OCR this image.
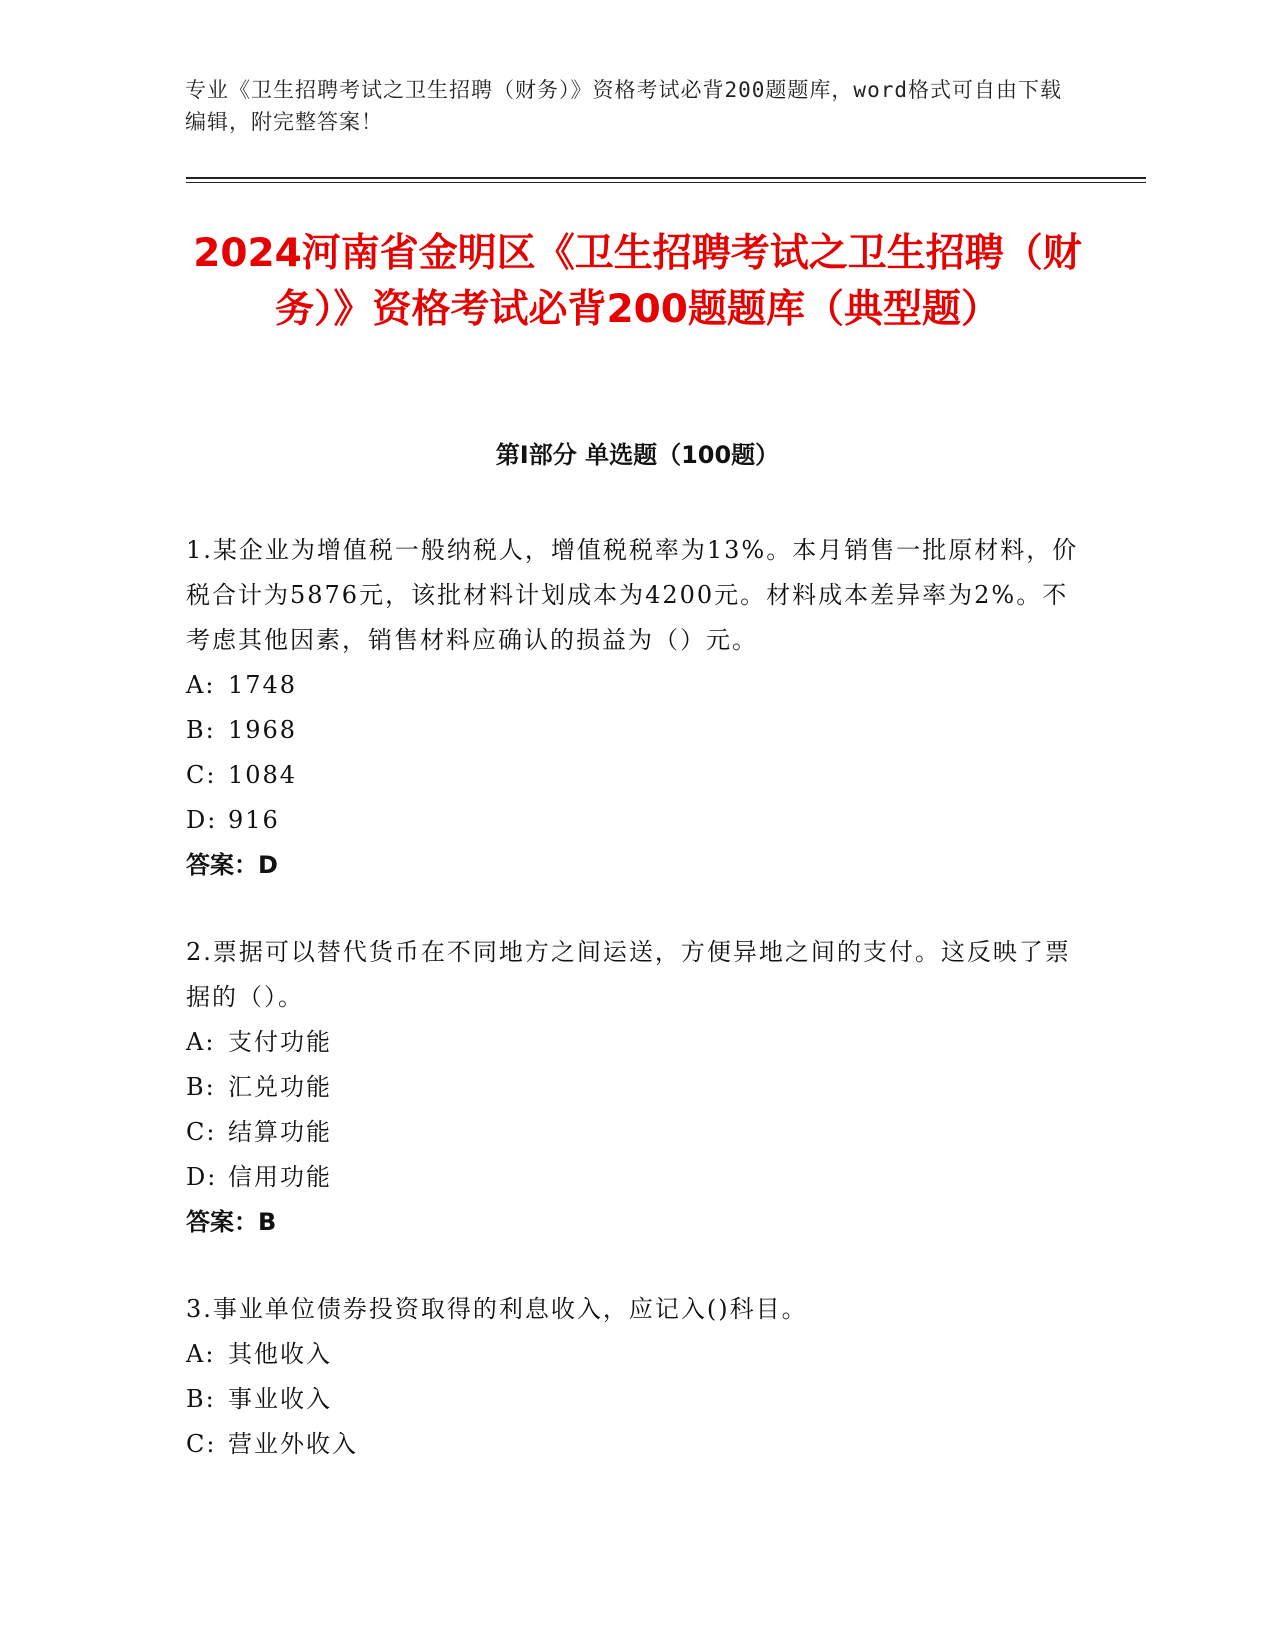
专业《卫生招聘考试之卫生招聘（财务）》资格考试必背200题题库，word格式可自由下载编辑，附完整答案！
2024河南省金明区《卫生招聘考试之卫生招聘（财务）》资格考试必背200题题库（典型题）
第Ⅰ部分 单选题（100题）

1.某企业为增值税一般纳税人，增值税税率为13%。本月销售一批原材料，价税合计为5876元，该批材料计划成本为4200元。材料成本差异率为2%。不考虑其他因素，销售材料应确认的损益为（）元。

A: 1748

B: 1968

C: 1084

D: 916

答案：D

2.票据可以替代货币在不同地方之间运送，方便异地之间的支付。这反映了票据的（）。

A: 支付功能

B: 汇兑功能

C: 结算功能

D: 信用功能

答案：B

3.事业单位债券投资取得的利息收入，应记入()科目。

A: 其他收入

B: 事业收入

C: 营业外收入
